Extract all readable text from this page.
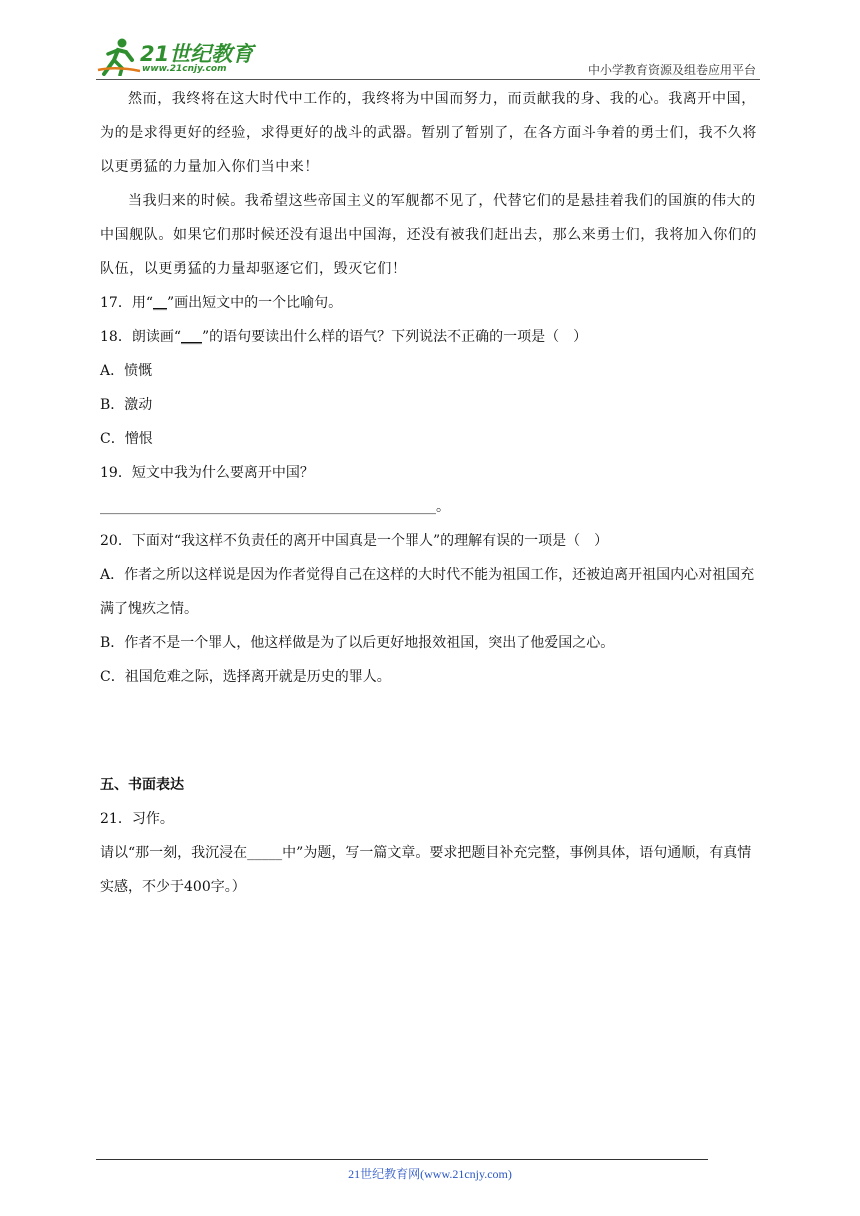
21世纪教育
www.21cnjy.com	中小学教育资源及组卷应用平台

然而，我终将在这大时代中工作的，我终将为中国而努力，而贡献我的身、我的心。我离开中国，为的是求得更好的经验，求得更好的战斗的武器。暂别了暂别了，在各方面斗争着的勇士们，我不久将以更勇猛的力量加入你们当中来！

当我归来的时候。我希望这些帝国主义的军舰都不见了，代替它们的是悬挂着我们的国旗的伟大的中国舰队。如果它们那时候还没有退出中国海，还没有被我们赶出去，那么来勇士们，我将加入你们的队伍，以更勇猛的力量却驱逐它们，毁灭它们！

17．用“__”画出短文中的一个比喻句。

18．朗读画“___”的语句要读出什么样的语气？下列说法不正确的一项是（　）

A．愤慨

B．激动

C．憎恨

19．短文中我为什么要离开中国？

________________________________________________。

20．下面对“我这样不负责任的离开中国真是一个罪人”的理解有误的一项是（　）

A．作者之所以这样说是因为作者觉得自己在这样的大时代不能为祖国工作，还被迫离开祖国内心对祖国充满了愧疚之情。

B．作者不是一个罪人，他这样做是为了以后更好地报效祖国，突出了他爱国之心。

C．祖国危难之际，选择离开就是历史的罪人。

五、书面表达

21．习作。

请以“那一刻，我沉浸在_____中”为题，写一篇文章。要求把题目补充完整，事例具体，语句通顺，有真情实感，不少于400字。）

21世纪教育网(www.21cnjy.com)
